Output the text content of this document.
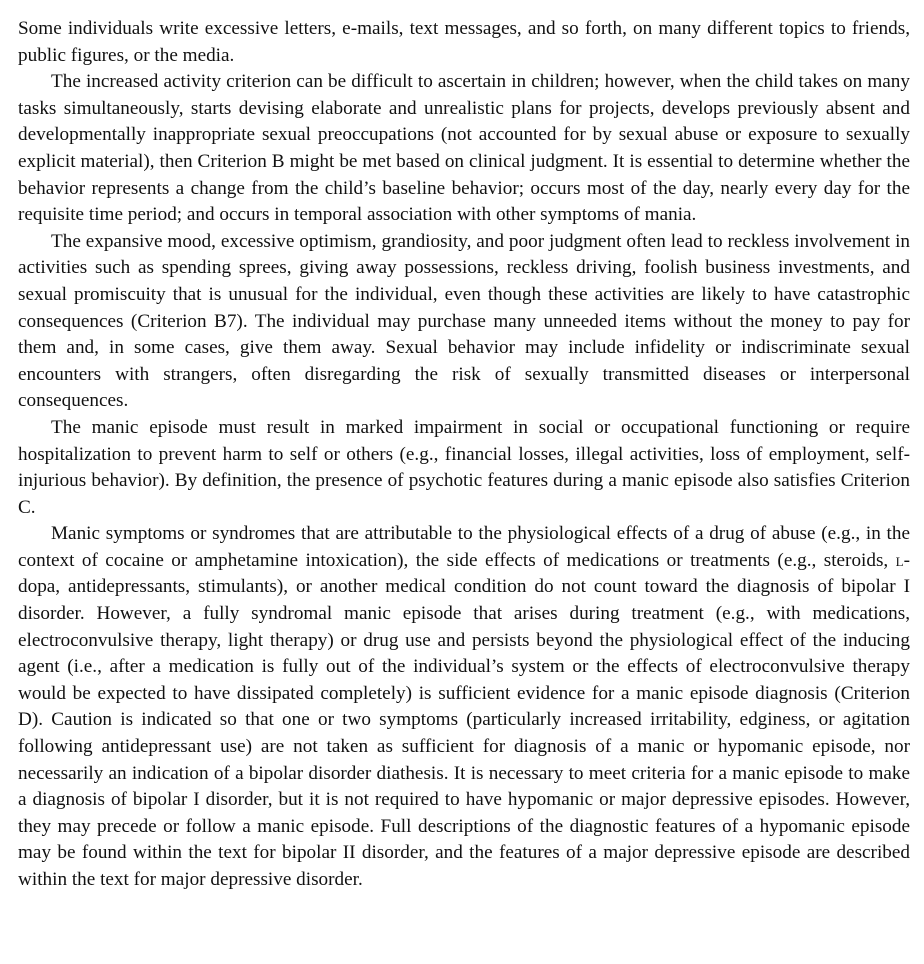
Some individuals write excessive letters, e-mails, text messages, and so forth, on many different topics to friends, public figures, or the media.

The increased activity criterion can be difficult to ascertain in children; however, when the child takes on many tasks simultaneously, starts devising elaborate and unrealistic plans for projects, develops previously absent and developmentally inappropriate sexual preoccupations (not accounted for by sexual abuse or exposure to sexually explicit material), then Criterion B might be met based on clinical judgment. It is essential to determine whether the behavior represents a change from the child’s baseline behavior; occurs most of the day, nearly every day for the requisite time period; and occurs in temporal association with other symptoms of mania.

The expansive mood, excessive optimism, grandiosity, and poor judgment often lead to reckless involvement in activities such as spending sprees, giving away possessions, reckless driving, foolish business investments, and sexual promiscuity that is unusual for the individual, even though these activities are likely to have catastrophic consequences (Criterion B7). The individual may purchase many unneeded items without the money to pay for them and, in some cases, give them away. Sexual behavior may include infidelity or indiscriminate sexual encounters with strangers, often disregarding the risk of sexually transmitted diseases or interpersonal consequences.

The manic episode must result in marked impairment in social or occupational functioning or require hospitalization to prevent harm to self or others (e.g., financial losses, illegal activities, loss of employment, self-injurious behavior). By definition, the presence of psychotic features during a manic episode also satisfies Criterion C.

Manic symptoms or syndromes that are attributable to the physiological effects of a drug of abuse (e.g., in the context of cocaine or amphetamine intoxication), the side effects of medications or treatments (e.g., steroids, l-dopa, antidepressants, stimulants), or another medical condition do not count toward the diagnosis of bipolar I disorder. However, a fully syndromal manic episode that arises during treatment (e.g., with medications, electroconvulsive therapy, light therapy) or drug use and persists beyond the physiological effect of the inducing agent (i.e., after a medication is fully out of the individual’s system or the effects of electroconvulsive therapy would be expected to have dissipated completely) is sufficient evidence for a manic episode diagnosis (Criterion D). Caution is indicated so that one or two symptoms (particularly increased irritability, edginess, or agitation following antidepressant use) are not taken as sufficient for diagnosis of a manic or hypomanic episode, nor necessarily an indication of a bipolar disorder diathesis. It is necessary to meet criteria for a manic episode to make a diagnosis of bipolar I disorder, but it is not required to have hypomanic or major depressive episodes. However, they may precede or follow a manic episode. Full descriptions of the diagnostic features of a hypomanic episode may be found within the text for bipolar II disorder, and the features of a major depressive episode are described within the text for major depressive disorder.
